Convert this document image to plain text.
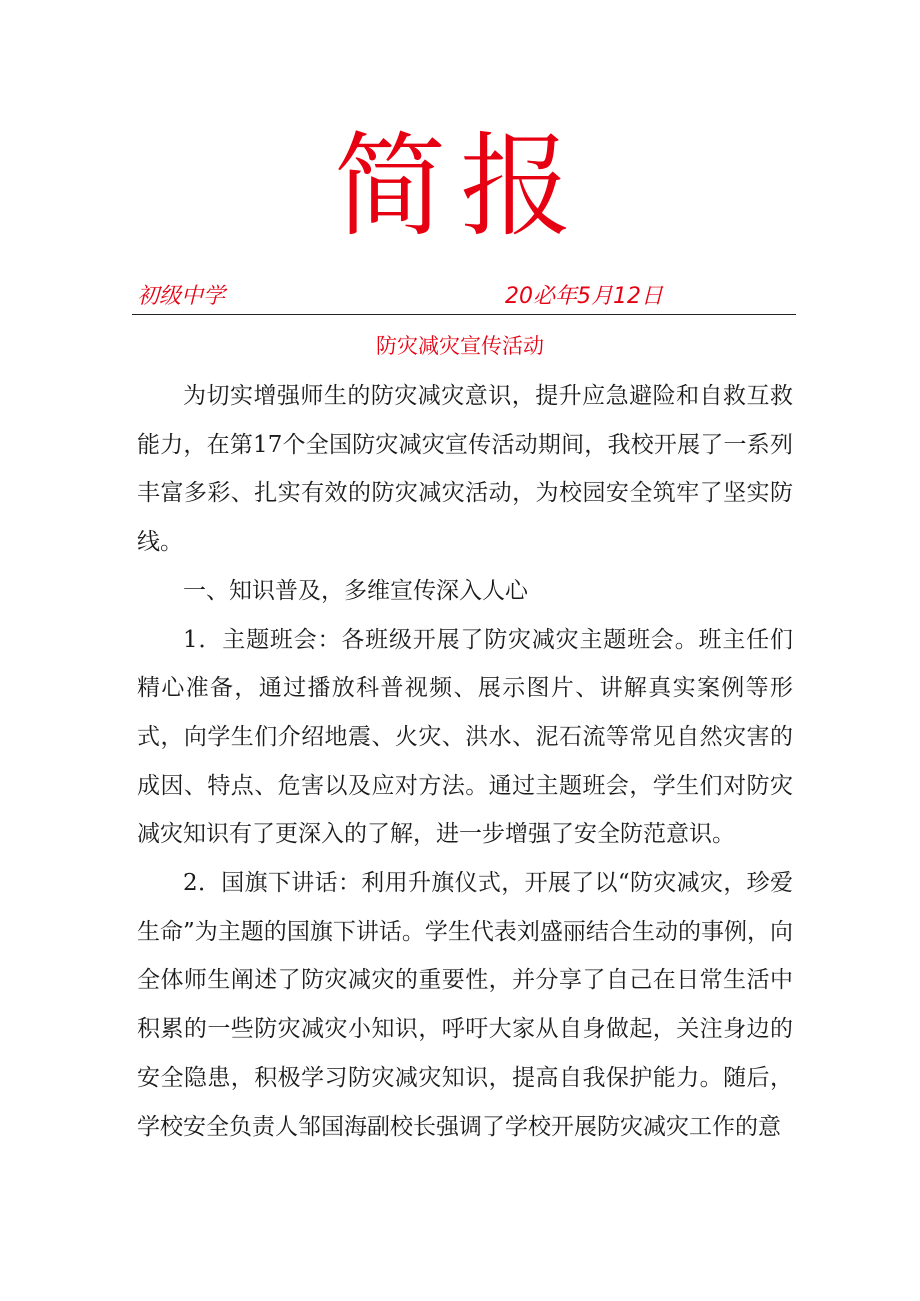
简报
初级中学	20必年5月12日
防灾减灾宣传活动

为切实增强师生的防灾减灾意识，提升应急避险和自救互救能力，在第17个全国防灾减灾宣传活动期间，我校开展了一系列丰富多彩、扎实有效的防灾减灾活动，为校园安全筑牢了坚实防线。

一、知识普及，多维宣传深入人心

1．主题班会：各班级开展了防灾减灾主题班会。班主任们精心准备，通过播放科普视频、展示图片、讲解真实案例等形式，向学生们介绍地震、火灾、洪水、泥石流等常见自然灾害的成因、特点、危害以及应对方法。通过主题班会，学生们对防灾减灾知识有了更深入的了解，进一步增强了安全防范意识。

2．国旗下讲话：利用升旗仪式，开展了以“防灾减灾，珍爱生命”为主题的国旗下讲话。学生代表刘盛丽结合生动的事例，向全体师生阐述了防灾减灾的重要性，并分享了自己在日常生活中积累的一些防灾减灾小知识，呼吁大家从自身做起，关注身边的安全隐患，积极学习防灾减灾知识，提高自我保护能力。随后，学校安全负责人邹国海副校长强调了学校开展防灾减灾工作的意
